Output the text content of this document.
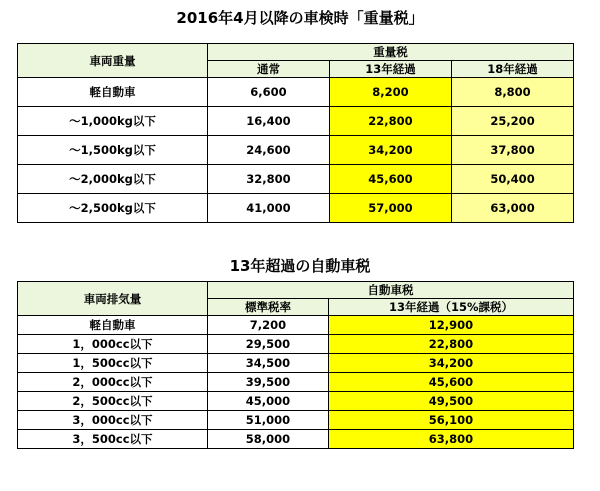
2016年4月以降の車検時「重量税」
車両重量	重量税		
	通常	13年経過	18年経過
軽自動車	6,600	8,200	8,800
～1,000kg以下	16,400	22,800	25,200
～1,500kg以下	24,600	34,200	37,800
～2,000kg以下	32,800	45,600	50,400
～2,500kg以下	41,000	57,000	63,000
13年超過の自動車税
車両排気量	自動車税	
	標準税率	13年経過（15%課税）
軽自動車	7,200	12,900
1，000cc以下	29,500	22,800
1，500cc以下	34,500	34,200
2，000cc以下	39,500	45,600
2，500cc以下	45,000	49,500
3，000cc以下	51,000	56,100
3，500cc以下	58,000	63,800
